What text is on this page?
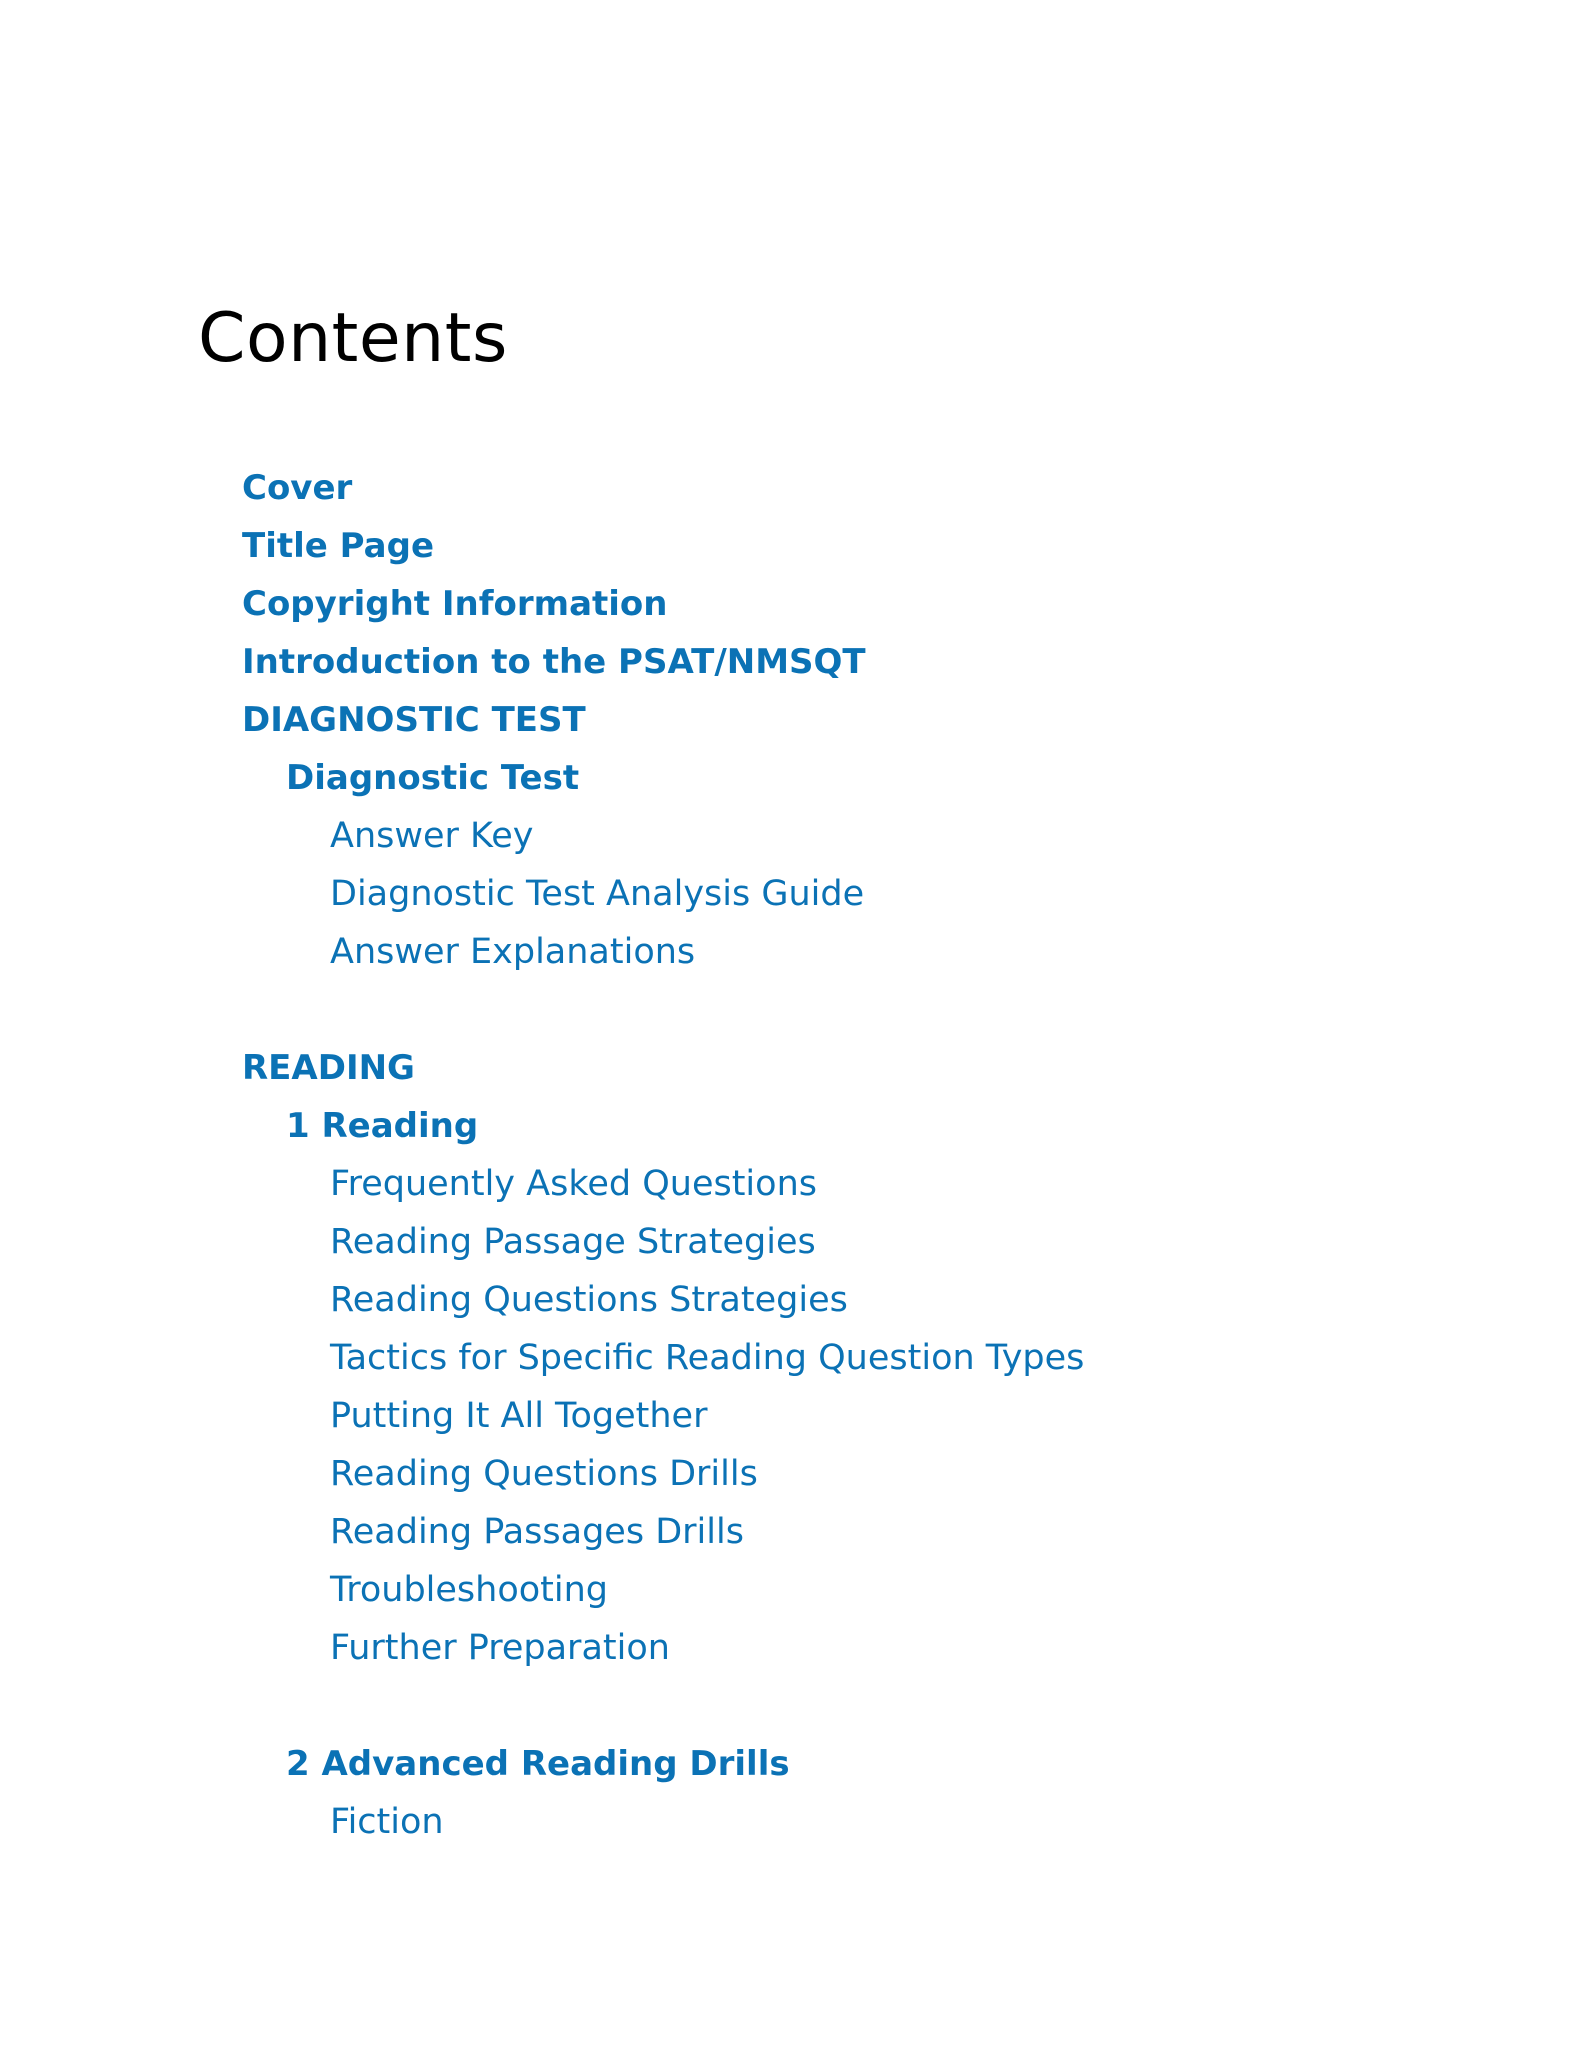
Contents
Cover
Title Page
Copyright Information
Introduction to the PSAT/NMSQT
DIAGNOSTIC TEST
Diagnostic Test
Answer Key
Diagnostic Test Analysis Guide
Answer Explanations
READING
1 Reading
Frequently Asked Questions
Reading Passage Strategies
Reading Questions Strategies
Tactics for Specific Reading Question Types
Putting It All Together
Reading Questions Drills
Reading Passages Drills
Troubleshooting
Further Preparation
2 Advanced Reading Drills
Fiction
